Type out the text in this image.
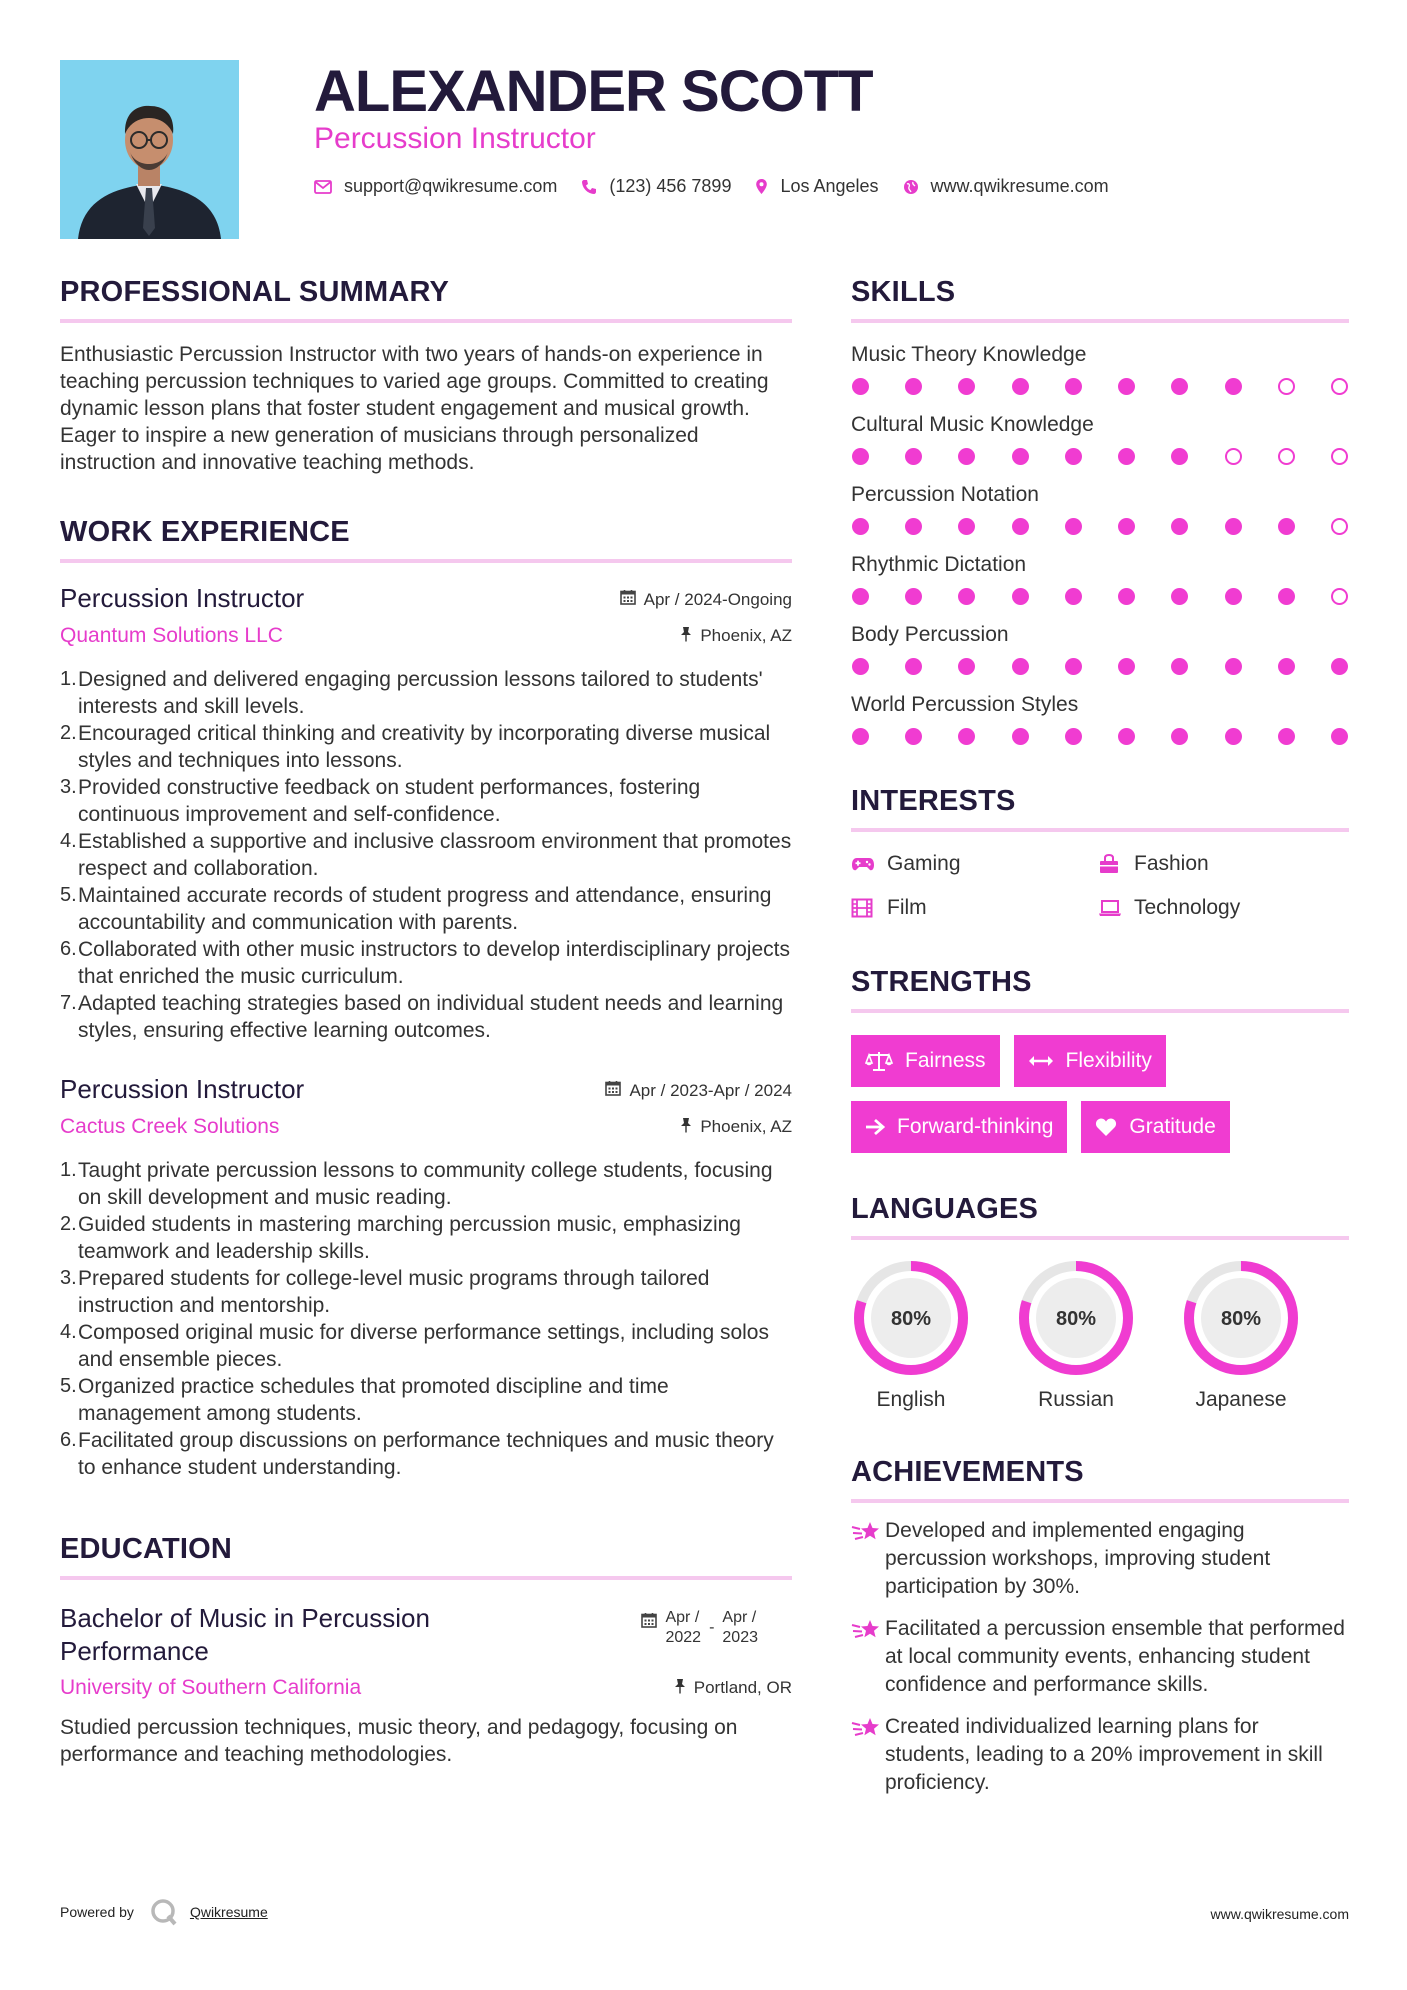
ALEXANDER SCOTT
Percussion Instructor
support@qwikresume.com	(123) 456 7899	Los Angeles	www.qwikresume.com
PROFESSIONAL SUMMARY

Enthusiastic Percussion Instructor with two years of hands-on experience in teaching percussion techniques to varied age groups. Committed to creating dynamic lesson plans that foster student engagement and musical growth. Eager to inspire a new generation of musicians through personalized instruction and innovative teaching methods.

WORK EXPERIENCE
Percussion Instructor	Apr / 2024-Ongoing
Quantum Solutions LLC	Phoenix, AZ
1. Designed and delivered engaging percussion lessons tailored to students' interests and skill levels.
2. Encouraged critical thinking and creativity by incorporating diverse musical styles and techniques into lessons.
3. Provided constructive feedback on student performances, fostering continuous improvement and self-confidence.
4. Established a supportive and inclusive classroom environment that promotes respect and collaboration.
5. Maintained accurate records of student progress and attendance, ensuring accountability and communication with parents.
6. Collaborated with other music instructors to develop interdisciplinary projects that enriched the music curriculum.
7. Adapted teaching strategies based on individual student needs and learning styles, ensuring effective learning outcomes.
Percussion Instructor	Apr / 2023-Apr / 2024
Cactus Creek Solutions	Phoenix, AZ
1. Taught private percussion lessons to community college students, focusing on skill development and music reading.
2. Guided students in mastering marching percussion music, emphasizing teamwork and leadership skills.
3. Prepared students for college-level music programs through tailored instruction and mentorship.
4. Composed original music for diverse performance settings, including solos and ensemble pieces.
5. Organized practice schedules that promoted discipline and time management among students.
6. Facilitated group discussions on performance techniques and music theory to enhance student understanding.
EDUCATION
Bachelor of Music in Percussion Performance
Apr /
2022
-
Apr /
2023
University of Southern California	Portland, OR

Studied percussion techniques, music theory, and pedagogy, focusing on performance and teaching methodologies.

SKILLS
Music Theory Knowledge
Cultural Music Knowledge
Percussion Notation
Rhythmic Dictation
Body Percussion
World Percussion Styles
INTERESTS
Gaming	Fashion
Film	Technology
STRENGTHS
Fairness	Flexibility
Forward-thinking	Gratitude
LANGUAGES
80%
English
80%
Russian
80%
Japanese
ACHIEVEMENTS
Developed and implemented engaging percussion workshops, improving student participation by 30%.
Facilitated a percussion ensemble that performed at local community events, enhancing student confidence and performance skills.
Created individualized learning plans for students, leading to a 20% improvement in skill proficiency.
Powered by	Qwikresume	www.qwikresume.com
